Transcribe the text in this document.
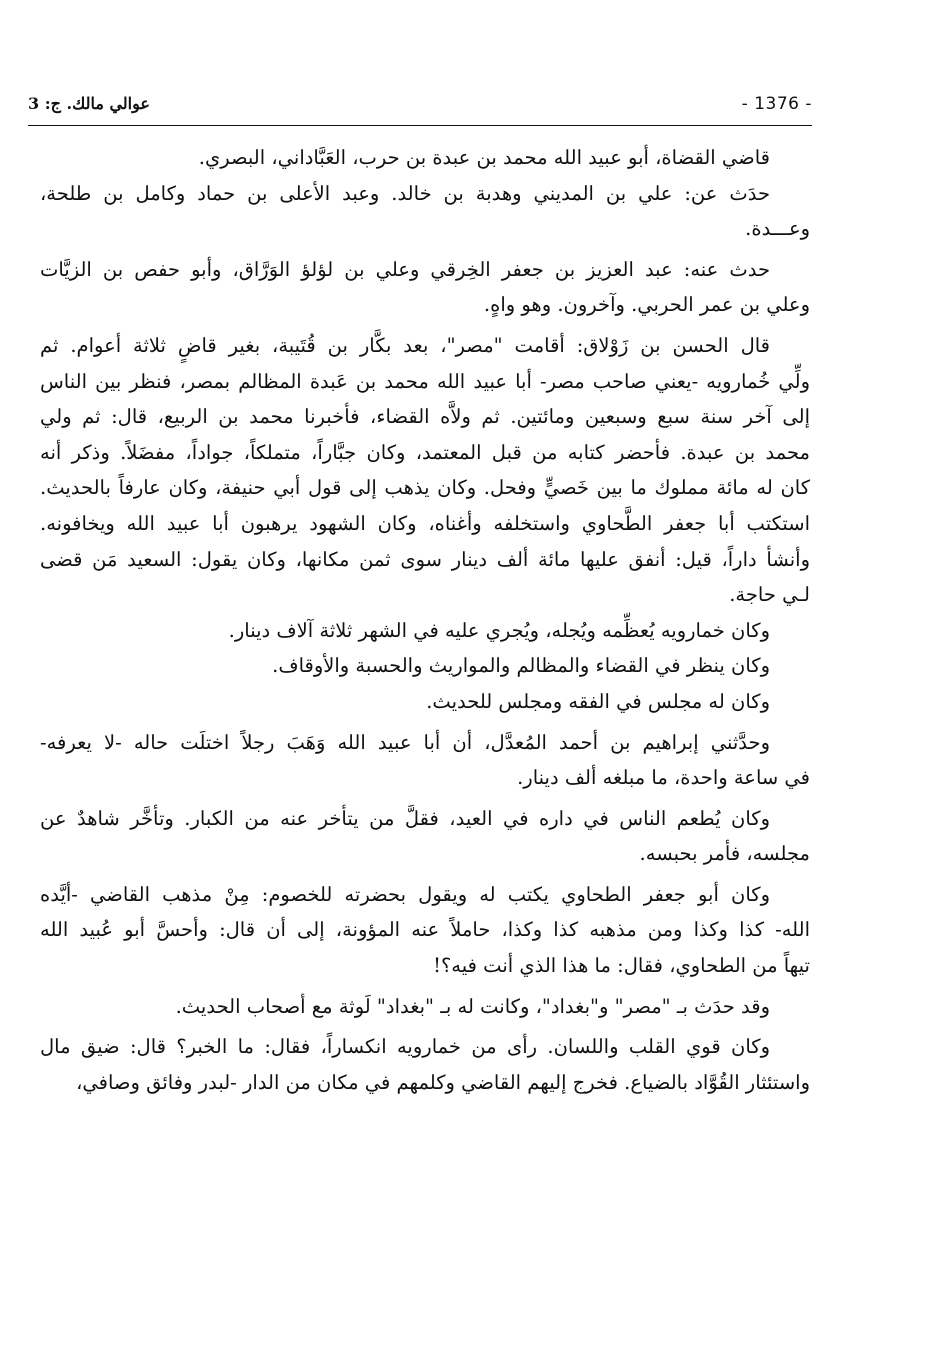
- 1376 -
عوالي مالك. ج: 3

قاضي القضاة، أبو عبيد الله محمد بن عبدة بن حرب، العَبَّاداني، البصري.

حدَث عن: علي بن المديني وهدبة بن خالد. وعبد الأعلى بن حماد وكامل بن طلحة،
وعـــدة.

حدث عنه: عبد العزيز بن جعفر الخِرقي وعلي بن لؤلؤ الوَرَّاق، وأبو حفص بن الزيَّات
وعلي بن عمر الحربي. وآخرون. وهو واهٍ.

قال الحسن بن زَوْلاق: أقامت "مصر"، بعد بكَّار بن قُتَيبة، بغير قاضٍ ثلاثة أعوام. ثم
ولِّي خُمارويه -يعني صاحب مصر- أبا عبيد الله محمد بن عَبدة المظالم بمصر، فنظر بين الناس
إلى آخر سنة سبع وسبعين ومائتين. ثم ولاَّه القضاء، فأخبرنا محمد بن الربيع، قال: ثم ولي
محمد بن عبدة. فأحضر كتابه من قبل المعتمد، وكان جبَّاراً، متملكاً، جواداً، مفضَلاً. وذكر أنه
كان له مائة مملوك ما بين خَصيٍّ وفحل. وكان يذهب إلى قول أبي حنيفة، وكان عارفاً بالحديث.
استكتب أبا جعفر الطَّحاوي واستخلفه وأغناه، وكان الشهود يرهبون أبا عبيد الله ويخافونه.
وأنشأ داراً، قيل: أنفق عليها مائة ألف دينار سوى ثمن مكانها، وكان يقول: السعيد مَن قضى
لـي حاجة.

وكان خمارويه يُعظِّمه ويُجله، ويُجري عليه في الشهر ثلاثة آلاف دينار.

وكان ينظر في القضاء والمظالم والمواريث والحسبة والأوقاف.

وكان له مجلس في الفقه ومجلس للحديث.

وحدَّثني إبراهيم بن أحمد المُعدَّل، أن أبا عبيد الله وَهَبَ رجلاً اختلَت حاله -لا يعرفه-
في ساعة واحدة، ما مبلغه ألف دينار.

وكان يُطعم الناس في داره في العيد، فقلَّ من يتأخر عنه من الكبار. وتأخَّر شاهدٌ عن
مجلسه، فأمر بحبسه.

وكان أبو جعفر الطحاوي يكتب له ويقول بحضرته للخصوم: مِنْ مذهب القاضي -أيَّده
الله- كذا وكذا ومن مذهبه كذا وكذا، حاملاً عنه المؤونة، إلى أن قال: وأحسَّ أبو عُبيد الله
تيهاً من الطحاوي، فقال: ما هذا الذي أنت فيه؟!

وقد حدَث بـ "مصر" و"بغداد"، وكانت له بـ "بغداد" لَوثة مع أصحاب الحديث.

وكان قوي القلب واللسان. رأى من خمارويه انكساراً، فقال: ما الخبر؟ قال: ضيق مال
واستئثار القُوَّاد بالضياع. فخرج إليهم القاضي وكلمهم في مكان من الدار -لبدر وفائق وصافي،
